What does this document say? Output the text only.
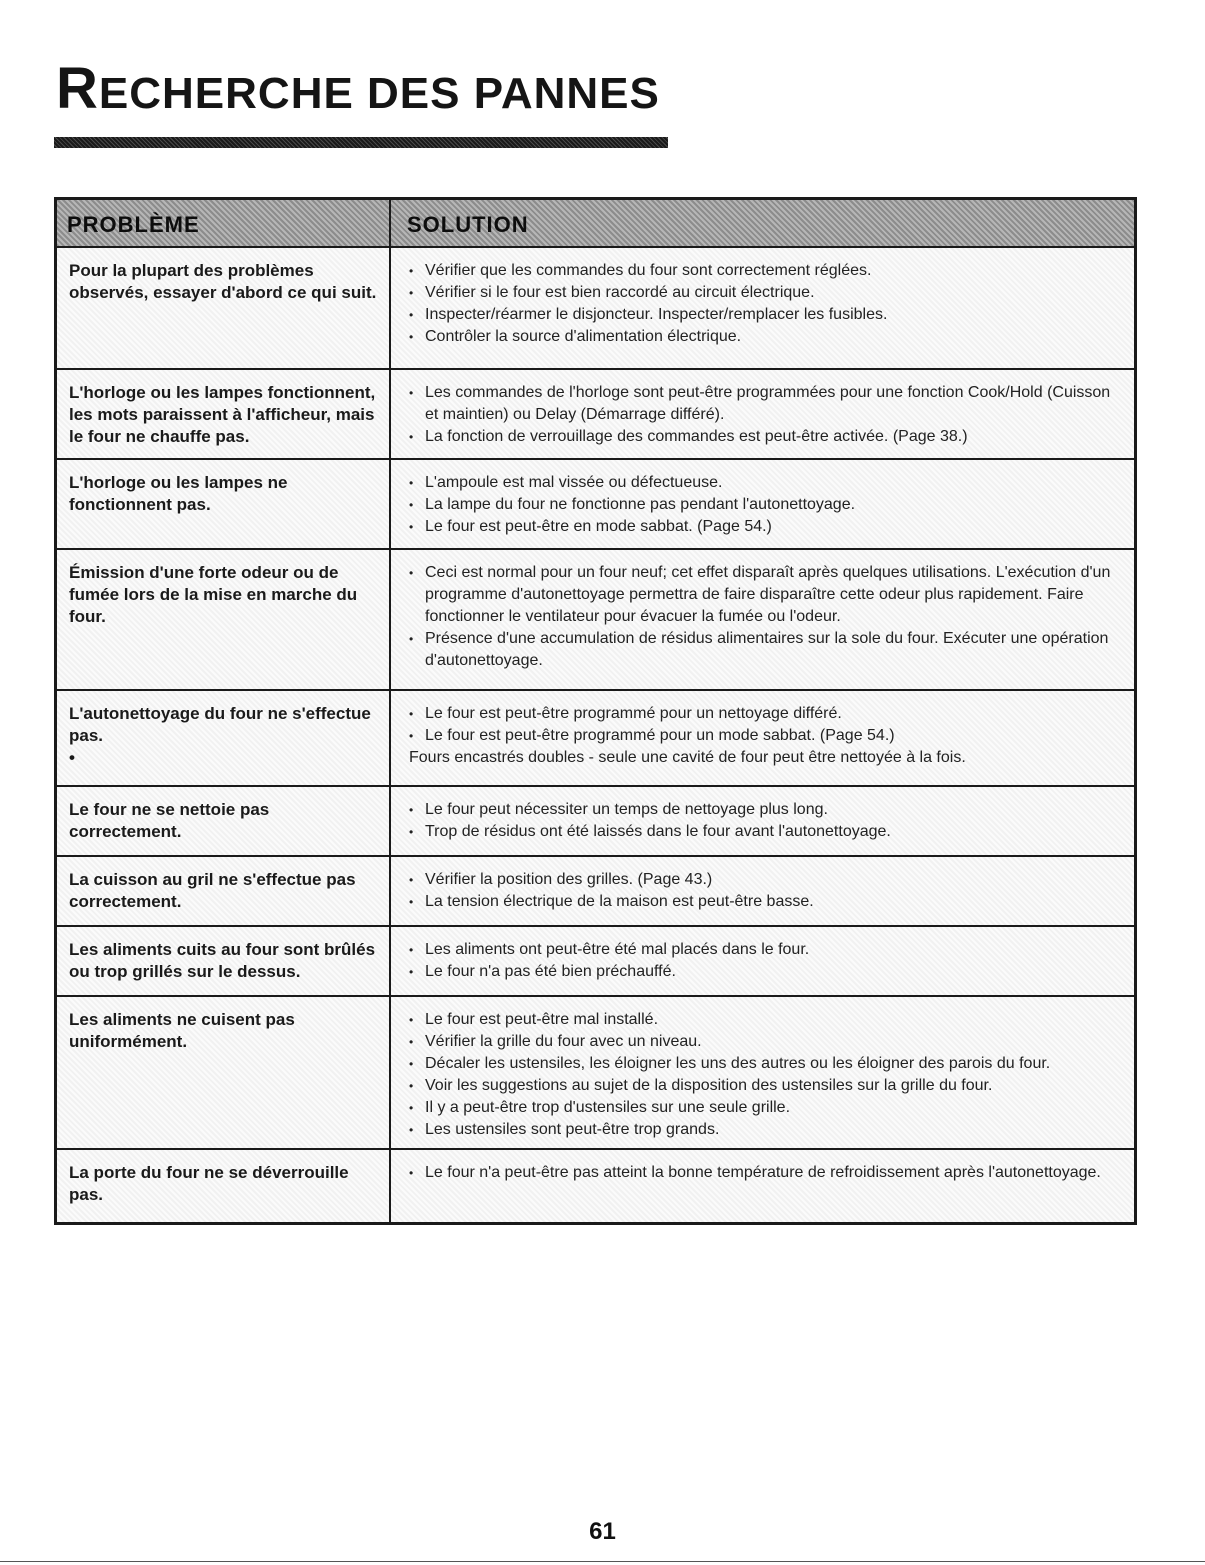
RECHERCHE DES PANNES
PROBLÈME	SOLUTION
Pour la plupart des problèmes observés, essayer d'abord ce qui suit.
• Vérifier que les commandes du four sont correctement réglées.
• Vérifier si le four est bien raccordé au circuit électrique.
• Inspecter/réarmer le disjoncteur. Inspecter/remplacer les fusibles.
• Contrôler la source d'alimentation électrique.
L'horloge ou les lampes fonctionnent, les mots paraissent à l'afficheur, mais le four ne chauffe pas.
• Les commandes de l'horloge sont peut-être programmées pour une fonction Cook/Hold (Cuisson et maintien) ou Delay (Démarrage différé).
• La fonction de verrouillage des commandes est peut-être activée. (Page 38.)
L'horloge ou les lampes ne fonctionnent pas.
• L'ampoule est mal vissée ou défectueuse.
• La lampe du four ne fonctionne pas pendant l'autonettoyage.
• Le four est peut-être en mode sabbat. (Page 54.)
Émission d'une forte odeur ou de fumée lors de la mise en marche du four.
• Ceci est normal pour un four neuf; cet effet disparaît après quelques utilisations. L'exécution d'un programme d'autonettoyage permettra de faire disparaître cette odeur plus rapidement. Faire fonctionner le ventilateur pour évacuer la fumée ou l'odeur.
• Présence d'une accumulation de résidus alimentaires sur la sole du four. Exécuter une opération d'autonettoyage.
L'autonettoyage du four ne s'effectue pas.
•
• Le four est peut-être programmé pour un nettoyage différé.
• Le four est peut-être programmé pour un mode sabbat. (Page 54.)
Fours encastrés doubles - seule une cavité de four peut être nettoyée à la fois.
Le four ne se nettoie pas correctement.
• Le four peut nécessiter un temps de nettoyage plus long.
• Trop de résidus ont été laissés dans le four avant l'autonettoyage.
La cuisson au gril ne s'effectue pas correctement.
• Vérifier la position des grilles. (Page 43.)
• La tension électrique de la maison est peut-être basse.
Les aliments cuits au four sont brûlés ou trop grillés sur le dessus.
• Les aliments ont peut-être été mal placés dans le four.
• Le four n'a pas été bien préchauffé.
Les aliments ne cuisent pas uniformément.
• Le four est peut-être mal installé.
• Vérifier la grille du four avec un niveau.
• Décaler les ustensiles, les éloigner les uns des autres ou les éloigner des parois du four.
• Voir les suggestions au sujet de la disposition des ustensiles sur la grille du four.
• Il y a peut-être trop d'ustensiles sur une seule grille.
• Les ustensiles sont peut-être trop grands.
La porte du four ne se déverrouille pas.
• Le four n'a peut-être pas atteint la bonne température de refroidissement après l'autonettoyage.
61
